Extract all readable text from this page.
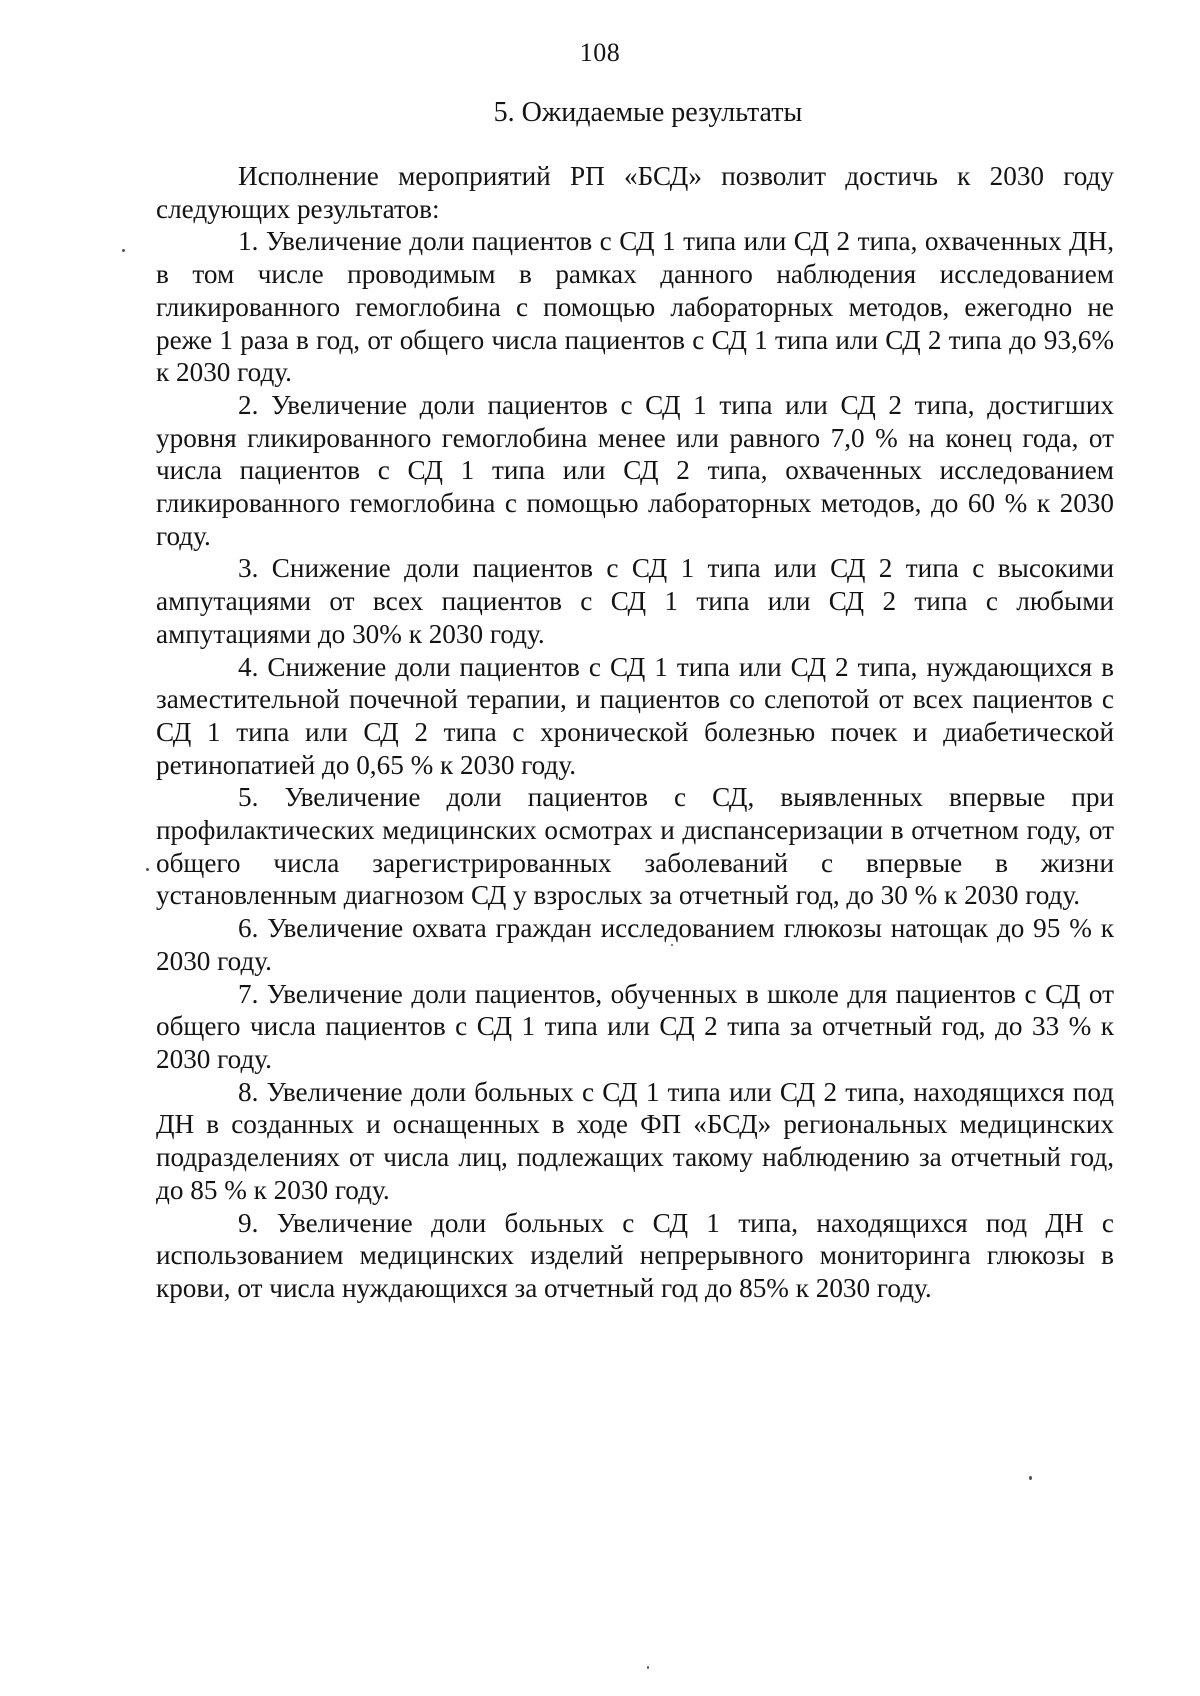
108
5. Ожидаемые результаты

Исполнение мероприятий РП «БСД» позволит достичь к 2030 году следующих результатов:

1. Увеличение доли пациентов с СД 1 типа или СД 2 типа, охваченных ДН, в том числе проводимым в рамках данного наблюдения исследованием гликированного гемоглобина с помощью лабораторных методов, ежегодно не реже 1 раза в год, от общего числа пациентов с СД 1 типа или СД 2 типа до 93,6% к 2030 году.

2. Увеличение доли пациентов с СД 1 типа или СД 2 типа, достигших уровня гликированного гемоглобина менее или равного 7,0 % на конец года, от числа пациентов с СД 1 типа или СД 2 типа, охваченных исследованием гликированного гемоглобина с помощью лабораторных методов, до 60 % к 2030 году.

3. Снижение доли пациентов с СД 1 типа или СД 2 типа с высокими ампутациями от всех пациентов с СД 1 типа или СД 2 типа с любыми ампутациями до 30% к 2030 году.

4. Снижение доли пациентов с СД 1 типа или СД 2 типа, нуждающихся в заместительной почечной терапии, и пациентов со слепотой от всех пациентов с СД 1 типа или СД 2 типа с хронической болезнью почек и диабетической ретинопатией до 0,65 % к 2030 году.

5. Увеличение доли пациентов с СД, выявленных впервые при профилактических медицинских осмотрах и диспансеризации в отчетном году, от общего числа зарегистрированных заболеваний с впервые в жизни установленным диагнозом СД у взрослых за отчетный год, до 30 % к 2030 году.

6. Увеличение охвата граждан исследованием глюкозы натощак до 95 % к 2030 году.

7. Увеличение доли пациентов, обученных в школе для пациентов с СД от общего числа пациентов с СД 1 типа или СД 2 типа за отчетный год, до 33 % к 2030 году.

8. Увеличение доли больных с СД 1 типа или СД 2 типа, находящихся под ДН в созданных и оснащенных в ходе ФП «БСД» региональных медицинских подразделениях от числа лиц, подлежащих такому наблюдению за отчетный год, до 85 % к 2030 году.

9. Увеличение доли больных с СД 1 типа, находящихся под ДН с использованием медицинских изделий непрерывного мониторинга глюкозы в крови, от числа нуждающихся за отчетный год до 85% к 2030 году.
